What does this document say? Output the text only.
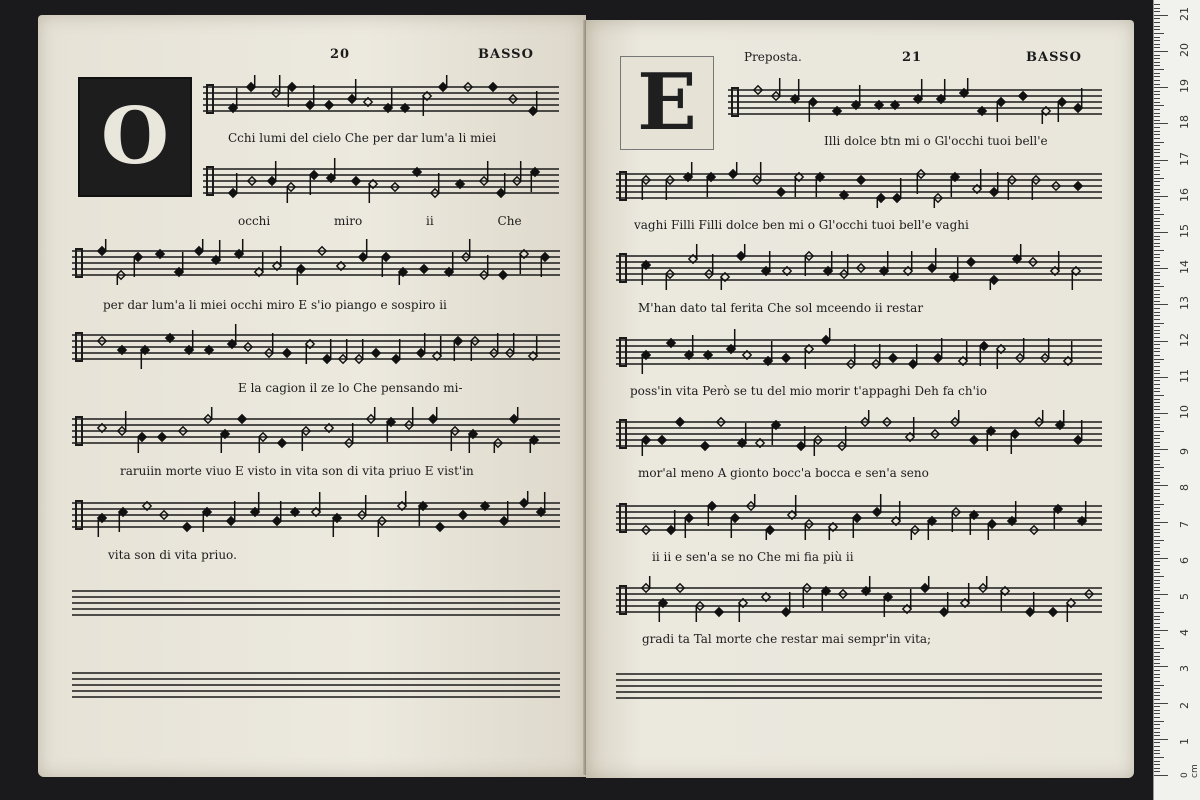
20	BASSO
O	Cchi lumi del cielo Che per dar lum'a li miei
occhi miro ii Che
per dar lum'a li miei occhi miro E s'io piango e sospiro ii
E la cagion il ze lo Che pensando mi-
raruiin morte viuo E visto in vita son di vita priuo E vist'in
vita son di vita priuo.
Preposta.	21	BASSO
E	Illi dolce btn mi o Gl'occhi tuoi bell'e
vaghi Filli Filli dolce ben mi o Gl'occhi tuoi bell'e vaghi
M'han dato tal ferita Che sol mceendo ii restar
poss'in vita Però se tu del mio morir t'appaghi Deh fa ch'io
mor'al meno A gionto bocc'a bocca e sen'a seno
ii ii e sen'a se no Che mi fia più ii
gradi ta Tal morte che restar mai sempr'in vita;
0 cm
1
2
3
4
5
6
7
8
9
10
11
12
13
14
15
16
17
18
19
20
21
